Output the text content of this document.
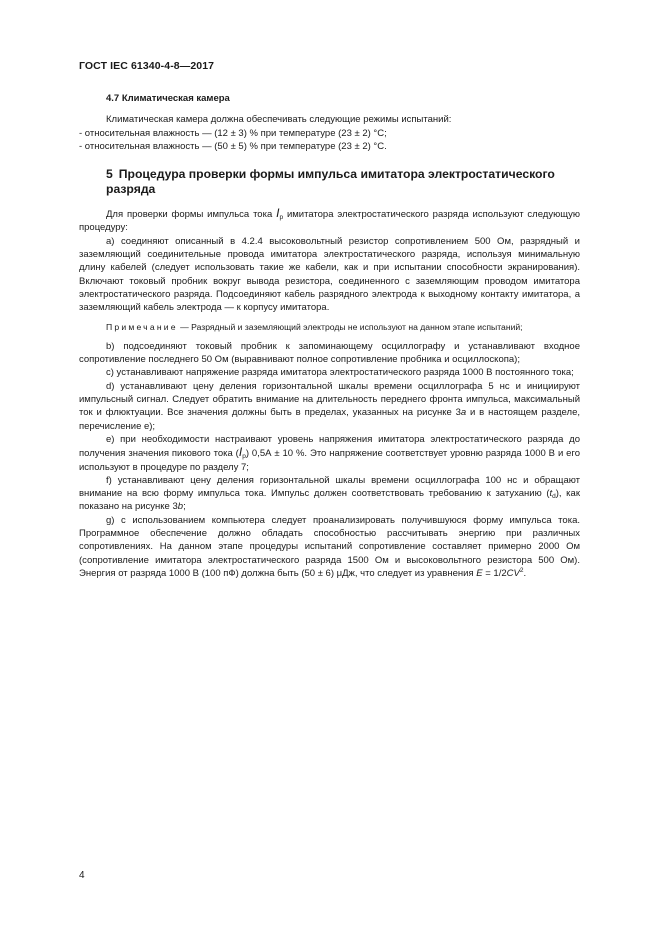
ГОСТ IEC 61340-4-8—2017
4.7 Климатическая камера

Климатическая камера должна обеспечивать следующие режимы испытаний:

- относительная влажность — (12 ± 3) % при температуре (23 ± 2) °С;

- относительная влажность — (50 ± 5) % при температуре (23 ± 2) °С.

5 Процедура проверки формы импульса имитатора электростатического разряда

Для проверки формы импульса тока $I_р$ имитатора электростатического разряда используют следующую процедуру:

а) соединяют описанный в 4.2.4 высоковольтный резистор сопротивлением 500 Ом, разрядный и заземляющий соединительные провода имитатора электростатического разряда, используя минимальную длину кабелей (следует использовать такие же кабели, как и при испытании способности экранирования). Включают токовый пробник вокруг вывода резистора, соединенного с заземляющим проводом имитатора электростатического разряда. Подсоединяют кабель разрядного электрода к выходному контакту имитатора, а заземляющий кабель электрода — к корпусу имитатора.

Примечание — Разрядный и заземляющий электроды не используют на данном этапе испытаний;

b) подсоединяют токовый пробник к запоминающему осциллографу и устанавливают входное сопротивление последнего 50 Ом (выравнивают полное сопротивление пробника и осциллоскопа);

c) устанавливают напряжение разряда имитатора электростатического разряда 1000 В постоянного тока;

d) устанавливают цену деления горизонтальной шкалы времени осциллографа 5 нс и инициируют импульсный сигнал. Следует обратить внимание на длительность переднего фронта импульса, максимальный ток и флюктуации. Все значения должны быть в пределах, указанных на рисунке 3а и в настоящем разделе, перечисление е);

е) при необходимости настраивают уровень напряжения имитатора электростатического разряда до получения значения пикового тока $(I_р) 0,5А \pm 10$ %. Это напряжение соответствует уровню разряда 1000 В и его используют в процедуре по разделу 7;

f) устанавливают цену деления горизонтальной шкалы времени осциллографа 100 нс и обращают внимание на всю форму импульса тока. Импульс должен соответствовать требованию к затуханию $(t_d)$, как показано на рисунке 3b;

g) с использованием компьютера следует проанализировать получившуюся форму импульса тока. Программное обеспечение должно обладать способностью рассчитывать энергию при различных сопротивлениях. На данном этапе процедуры испытаний сопротивление составляет примерно 2000 Ом (сопротивление имитатора электростатического разряда 1500 Ом и высоковольтного резистора 500 Ом). Энергия от разряда 1000 В (100 пФ) должна быть (50 ± 6) μДж, что следует из уравнения $E = 1/2CV^2$.

4
